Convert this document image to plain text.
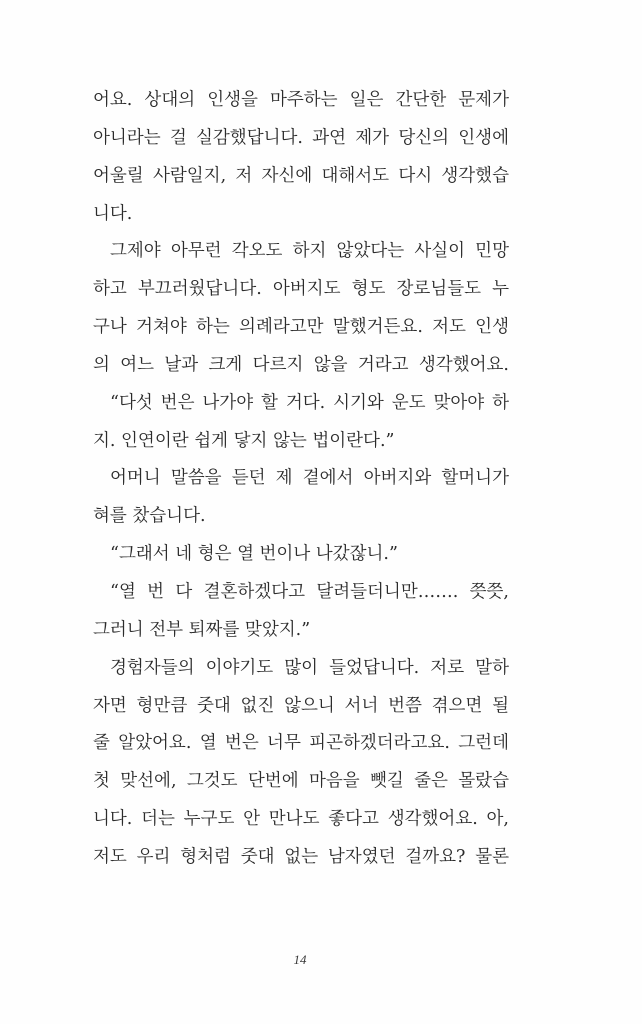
어요. 상대의 인생을 마주하는 일은 간단한 문제가
아니라는 걸 실감했답니다. 과연 제가 당신의 인생에
어울릴 사람일지, 저 자신에 대해서도 다시 생각했습
니다.
그제야 아무런 각오도 하지 않았다는 사실이 민망
하고 부끄러웠답니다. 아버지도 형도 장로님들도 누
구나 거쳐야 하는 의례라고만 말했거든요. 저도 인생
의 여느 날과 크게 다르지 않을 거라고 생각했어요.
“다섯 번은 나가야 할 거다. 시기와 운도 맞아야 하
지. 인연이란 쉽게 닿지 않는 법이란다.”
어머니 말씀을 듣던 제 곁에서 아버지와 할머니가
혀를 찼습니다.
“그래서 네 형은 열 번이나 나갔잖니.”
“열 번 다 결혼하겠다고 달려들더니만……. 쯧쯧,
그러니 전부 퇴짜를 맞았지.”
경험자들의 이야기도 많이 들었답니다. 저로 말하
자면 형만큼 줏대 없진 않으니 서너 번쯤 겪으면 될
줄 알았어요. 열 번은 너무 피곤하겠더라고요. 그런데
첫 맞선에, 그것도 단번에 마음을 뺏길 줄은 몰랐습
니다. 더는 누구도 안 만나도 좋다고 생각했어요. 아,
저도 우리 형처럼 줏대 없는 남자였던 걸까요? 물론
14
